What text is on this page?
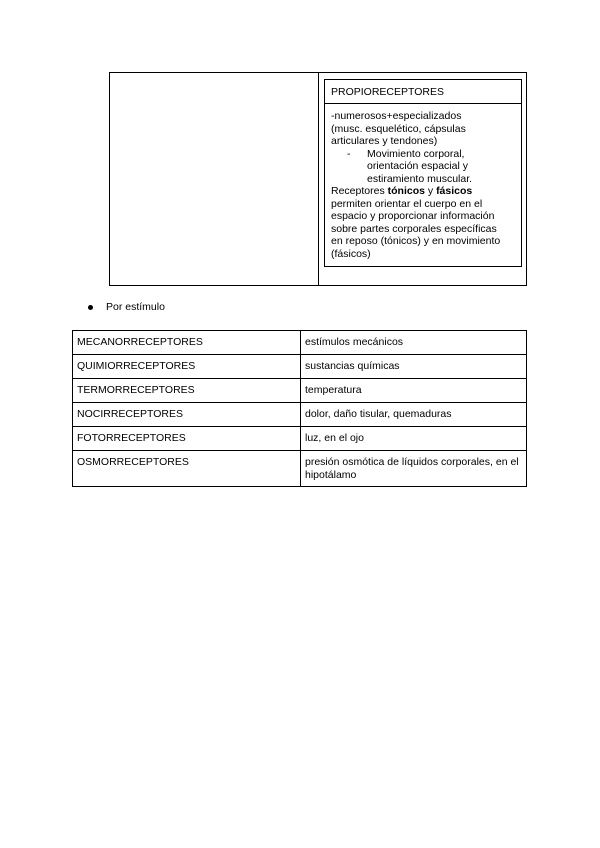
PROPIORECEPTORES

-numerosos+especializados

(musc. esquelético, cápsulas

articulares y tendones)

-	Movimiento corporal,

orientación espacial y

estiramiento muscular.

Receptores tónicos y fásicos

permiten orientar el cuerpo en el

espacio y proporcionar información

sobre partes corporales específicas

en reposo (tónicos) y en movimiento

(fásicos)

Por estímulo
MECANORRECEPTORES	estímulos mecánicos
QUIMIORRECEPTORES	sustancias químicas
TERMORRECEPTORES	temperatura
NOCIRRECEPTORES	dolor, daño tisular, quemaduras
FOTORRECEPTORES	luz, en el ojo
OSMORRECEPTORES	presión osmótica de líquidos corporales, en el hipotálamo
